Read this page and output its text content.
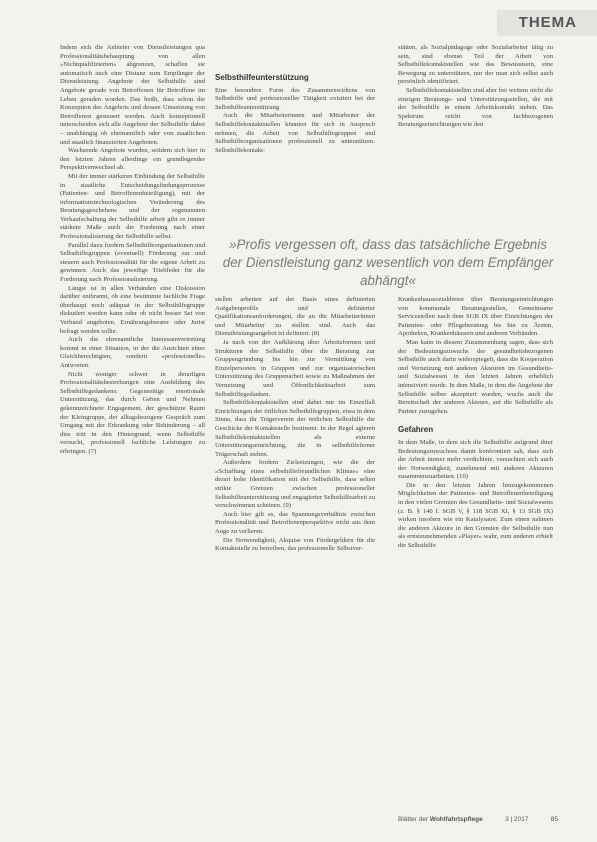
THEMA

Indem sich die Anbieter von Dienstleistungen qua Professionalitätsbehauptung von allen »Nichtqualifizierten« abgrenzen, schaffen sie automatisch auch eine Distanz zum Empfänger der Dienstleistung. Angebote der Selbsthilfe sind Angebote gerade von Betroffenen für Betroffene im Leben geraden worden. Das heißt, dass schon die Konzeption des Angebots und dessen Umsetzung von Betroffenen gesteuert werden. Auch konzeptionell unterscheiden sich alle Angebote der Selbsthilfe dabei – unabhängig ob ehrenamtlich oder von staatlichen und staatlich finanzierten Angeboten.

Wachsende Angebote wurden, seitdem sich hier in den letzten Jahren allerdings ein grundlegender Perspektivenwechsel ab.

Mit der immer stärkeren Einbindung der Selbsthilfe in staatliche Entscheidungsfindungsprozesse (Patienten- und Betroffenenbeteiligung), mit der informationstechnologischen Veränderung des Beratungsgeschehens und der sogenannten Verkaufschaltung der Selbsthilfe arbeit gibt es immer stärkere Maße auch die Forderung nach einer Professionalisierung der Selbsthilfe selbst.

Parallel dazu fordern Selbsthilfeorganisationen und Selbsthilfegruppen (eventuell) Förderung zur und steuern auch Professionalität für die eigene Arbeit zu gewinnen. Auch das jeweilige Triebfeder für die Forderung nach Professionalisierung.

Längst ist in allen Verbänden eine Diskussion darüber entbrannt, ob eine bestimmte fachliche Frage überhaupt noch adäquat in der Selbsthilfegruppe diskutiert werden kann oder ob nicht besser Set von Verband angeboten. Ernährungsberater oder Jurist befragt werden sollte.

Auch die ehrenamtliche Interessenvertretung kommt in einer Situation, in der die Ansichten eines Gleichberechtigten, sondern »professionelle« Antworten.

Nicht weniger schwer in derartigen Professionalitätsbestrebungen eine Ausbildung des Selbsthilfegedankens: Gegenseitige emotionale Unterstützung, das durch Geben und Nehmen gekennzeichnete Engagement, der geschützte Raum der Kleingruppe, der alltagsbezogene Gespräch zum Umgang mit der Erkrankung oder Behinderung – all dies tritt in den Hintergrund, wenn Selbsthilfe versucht, professionell fachliche Leistungen zu erbringen. (7)

Selbsthilfeunterstützung

Eine besondere Form des Zusammenwirkens von Selbsthilfe und professioneller Tätigkeit existiert bei der Selbsthilfeunterstützung.

Auch die Mitarbeiterinnen und Mitarbeiter der Selbsthilfekontaktstellen könnten für sich in Anspruch nehmen, die Arbeit von Selbsthilfegruppen und Selbsthilfeorganisationen professionell zu unterstützen. Selbsthilfekontakt-

stätten, als Sozialpädagoge oder Sozialarbeiter tätig zu sein, sind ebenso Teil der Arbeit von Selbsthilfekontaktstellen wie das Bewusstsein, eine Bewegung zu unterstützen, nur der man sich selbst auch persönlich identifiziert.

Selbsthilfekontaktstellen sind aber bei weitem nicht die einzigen Beratungs- und Unterstützungsstellen, die mit der Selbsthilfe in einem Arbeitskontakt stehen. Das Spektrum reicht von fachbezogenen Beratungseinrichtungen wie den

»Profis vergessen oft, dass das tatsächliche Ergebnis der Dienstleistung ganz wesentlich von dem Empfänger abhängt«

stellen arbeiten auf der Basis eines definierten Aufgabenprofils und definierter Qualifikationsanforderungen, die an die Mitarbeiterinnen und Mitarbeiter zu stellen sind. Auch das Dienstleistungsangebot ist definiert. (8)

Ja nach von der Aufklärung über Arbeitsformen und Strukturen der Selbsthilfe über die Beratung zur Gruppengründung bis hin zur Vermittlung von Einzelpersonen in Gruppen und zur organisatorischen Unterstützung des Gruppenarbeit sowie zu Maßnahmen der Vernetzung und Öffentlichkeitsarbeit zum Selbsthilfegedanken.

Selbsthilfekontaktstellen sind dabei nur im Einzelfall Einrichtungen der örtlichen Selbsthilfegruppen, etwa in dem Sinne, dass ihr Trägerverein der örtlichen Selbsthilfe die Geschicke der Kontaktstelle bestimmt. In der Regel agieren Selbsthilfekontaktstellen als externe Unterstützungseinrichtung, die in selbsthilfeferner Trägerschaft stehen.

Außerdem fordern Zielsetzungen, wie die der »Schaffung eines selbsthilfefreundlichen Klimas« eine derart hohe Identifikation mit der Selbsthilfe, dass selten strikte Grenzen zwischen professioneller Selbsthilfeunterstützung und engagierter Selbsthilfearbeit zu verschwimmen scheinen. (9)

Auch hier gilt es, das Spannungsverhältnis zwischen Professionalität und Betroffenenperspektive nicht aus dem Auge zu verlieren.

Die Notwendigkeit, Akquise von Fördergeldern für die Kontaktstelle zu betreiben, das professionelle Selbstver-

Krankenhaussozialdienst über Beratungseinrichtungen von kommunale Beratungsstellen, Gemeinsame Servicestellen nach dem SGB IX über Einrichtungen der Patienten- oder Pflegeberatung bis hin zu Ärzten, Apotheken, Krankenhäusern und anderen Verbänden.

Man kann in diesem Zusammenhang sagen, dass sich der Bedeutungszuwachs der gesundheitsbezogenen Selbsthilfe auch darin widerspiegelt, dass die Kooperation und Vernetzung mit anderen Akteuren im Gesundheits- und Sozialwesen in den letzten Jahren erheblich intensiviert wurde. In dem Maße, in dem die Angebote der Selbsthilfe selber akzeptiert wurden, wuchs auch die Bereitschaft der anderen Akteure, auf die Selbsthilfe als Partner zuzugehen.

Gefahren

In dem Maße, in dem sich die Selbsthilfe aufgrund ihrer Bedeutungszuwachses damit konfrontiert sah, dass sich die Arbeit immer mehr verdichtete, versuchten sich auch der Notwendigkeit, zunehmend mit anderen Akteuren zusammenzuarbeiten. (10)

Die in den letzten Jahren hinzugekommenen Möglichkeiten der Patienten- und Betroffenenbeteiligung in den vielen Gremien des Gesundheits- und Sozialwesens (z. B. § 140 f. SGB V, § 118 SGB XI, § 13 SGB IX) wirken insofern wie ein Katalysator. Zum einen nahmen die anderen Akteure in den Gremien die Selbsthilfe nun als ernstzunehmenden »Player« wahr, zum anderen erhielt die Selbsthilfe

Blätter der Wohlfahrtspflege	3 | 2017	85
